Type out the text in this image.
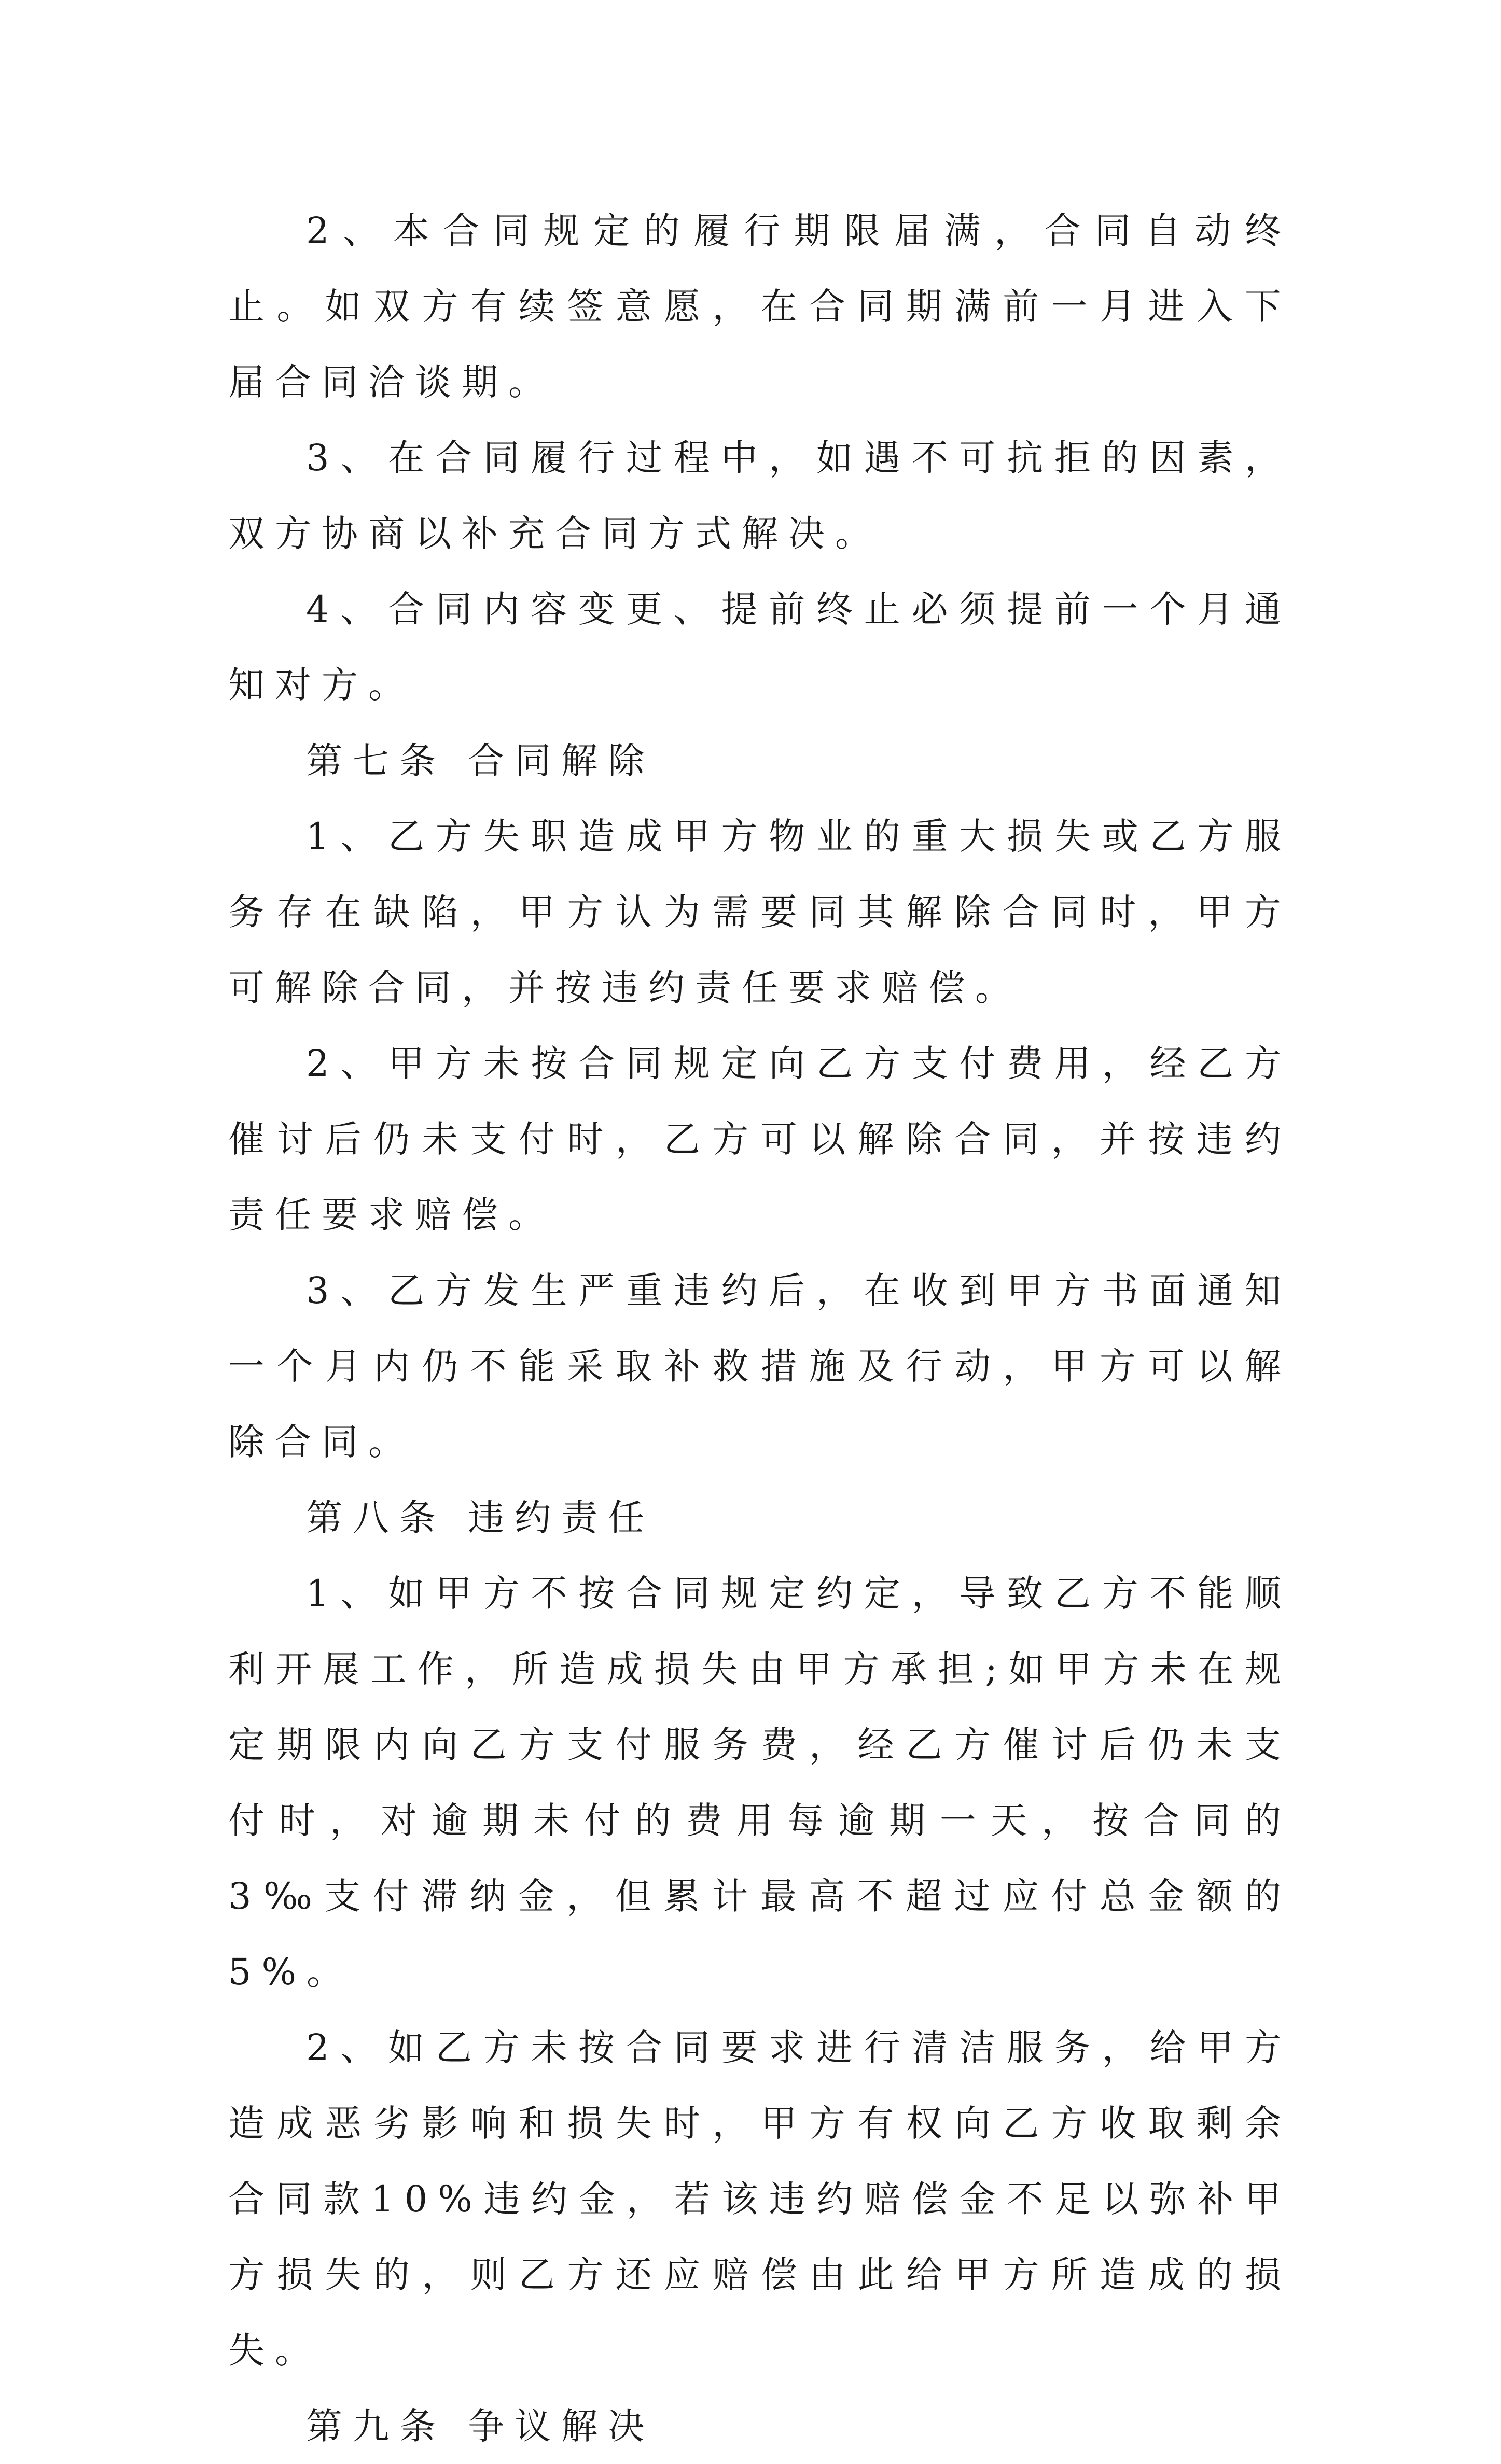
2、本合同规定的履行期限届满，合同自动终止。如双方有续签意愿，在合同期满前一月进入下届合同洽谈期。

3、在合同履行过程中，如遇不可抗拒的因素，双方协商以补充合同方式解决。

4、合同内容变更、提前终止必须提前一个月通知对方。

第七条 合同解除

1、乙方失职造成甲方物业的重大损失或乙方服务存在缺陷，甲方认为需要同其解除合同时，甲方可解除合同，并按违约责任要求赔偿。

2、甲方未按合同规定向乙方支付费用，经乙方催讨后仍未支付时，乙方可以解除合同，并按违约责任要求赔偿。

3、乙方发生严重违约后，在收到甲方书面通知一个月内仍不能采取补救措施及行动，甲方可以解除合同。

第八条 违约责任

1、如甲方不按合同规定约定，导致乙方不能顺利开展工作，所造成损失由甲方承担;如甲方未在规定期限内向乙方支付服务费，经乙方催讨后仍未支付时，对逾期未付的费用每逾期一天，按合同的3‰支付滞纳金，但累计最高不超过应付总金额的5%。

2、如乙方未按合同要求进行清洁服务，给甲方造成恶劣影响和损失时，甲方有权向乙方收取剩余合同款10%违约金，若该违约赔偿金不足以弥补甲方损失的，则乙方还应赔偿由此给甲方所造成的损失。

第九条 争议解决
